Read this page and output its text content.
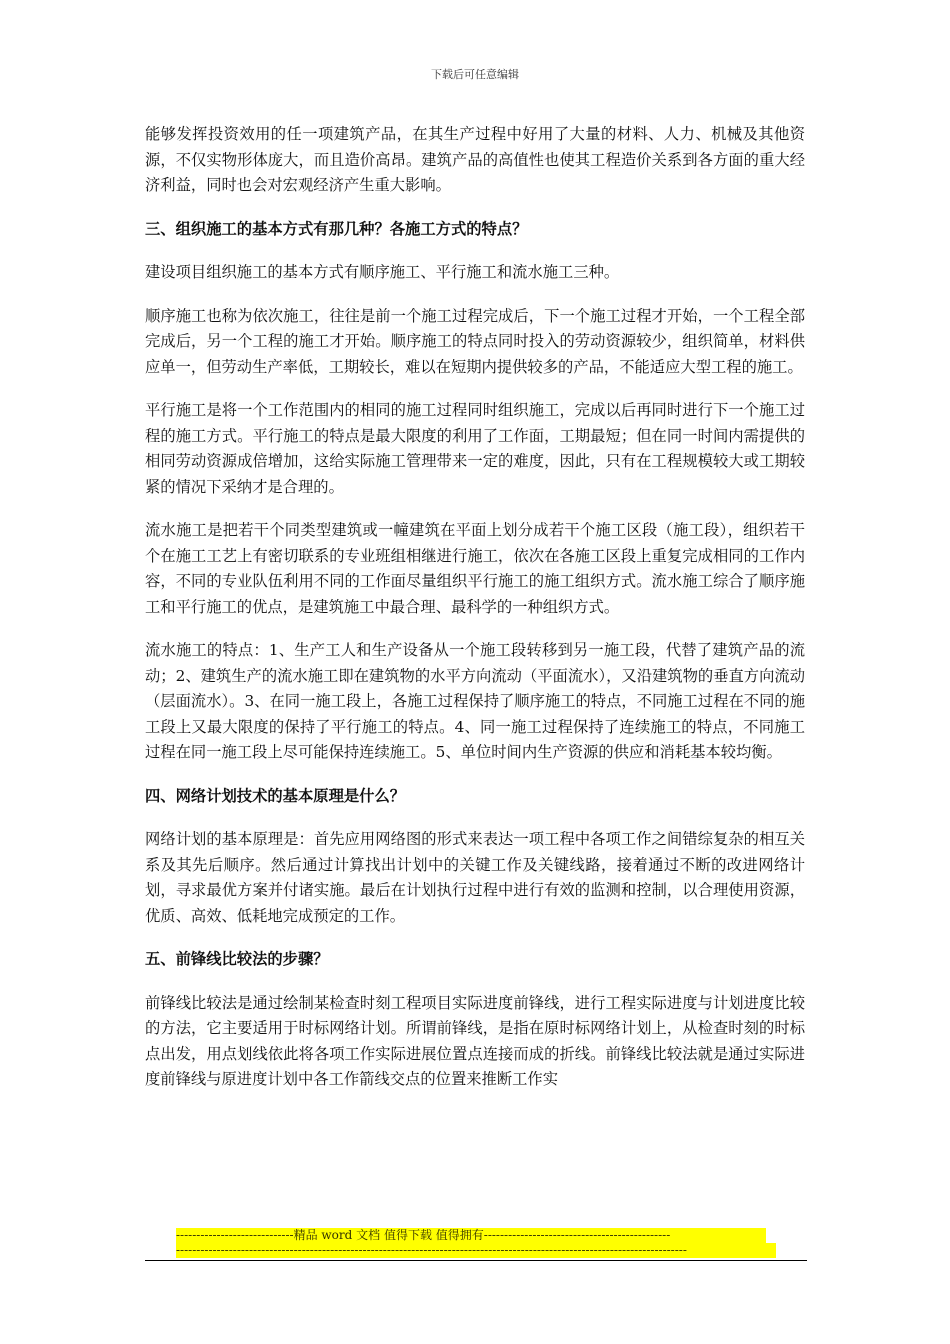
下载后可任意编辑

能够发挥投资效用的任一项建筑产品，在其生产过程中好用了大量的材料、人力、机械及其他资源，不仅实物形体庞大，而且造价高昂。建筑产品的高值性也使其工程造价关系到各方面的重大经济利益，同时也会对宏观经济产生重大影响。

三、组织施工的基本方式有那几种？各施工方式的特点？

建设项目组织施工的基本方式有顺序施工、平行施工和流水施工三种。

顺序施工也称为依次施工，往往是前一个施工过程完成后，下一个施工过程才开始，一个工程全部完成后，另一个工程的施工才开始。顺序施工的特点同时投入的劳动资源较少，组织简单，材料供应单一，但劳动生产率低，工期较长，难以在短期内提供较多的产品，不能适应大型工程的施工。

平行施工是将一个工作范围内的相同的施工过程同时组织施工，完成以后再同时进行下一个施工过程的施工方式。平行施工的特点是最大限度的利用了工作面，工期最短；但在同一时间内需提供的相同劳动资源成倍增加，这给实际施工管理带来一定的难度，因此，只有在工程规模较大或工期较紧的情况下采纳才是合理的。

流水施工是把若干个同类型建筑或一幢建筑在平面上划分成若干个施工区段（施工段），组织若干个在施工工艺上有密切联系的专业班组相继进行施工，依次在各施工区段上重复完成相同的工作内容，不同的专业队伍利用不同的工作面尽量组织平行施工的施工组织方式。流水施工综合了顺序施工和平行施工的优点，是建筑施工中最合理、最科学的一种组织方式。

流水施工的特点：1、生产工人和生产设备从一个施工段转移到另一施工段，代替了建筑产品的流动；2、建筑生产的流水施工即在建筑物的水平方向流动（平面流水），又沿建筑物的垂直方向流动（层面流水）。3、在同一施工段上，各施工过程保持了顺序施工的特点，不同施工过程在不同的施工段上又最大限度的保持了平行施工的特点。4、同一施工过程保持了连续施工的特点，不同施工过程在同一施工段上尽可能保持连续施工。5、单位时间内生产资源的供应和消耗基本较均衡。

四、网络计划技术的基本原理是什么？

网络计划的基本原理是：首先应用网络图的形式来表达一项工程中各项工作之间错综复杂的相互关系及其先后顺序。然后通过计算找出计划中的关键工作及关键线路，接着通过不断的改进网络计划，寻求最优方案并付诸实施。最后在计划执行过程中进行有效的监测和控制，以合理使用资源，优质、高效、低耗地完成预定的工作。

五、前锋线比较法的步骤？

前锋线比较法是通过绘制某检查时刻工程项目实际进度前锋线，进行工程实际进度与计划进度比较的方法，它主要适用于时标网络计划。所谓前锋线，是指在原时标网络计划上，从检查时刻的时标点出发，用点划线依此将各项工作实际进展位置点连接而成的折线。前锋线比较法就是通过实际进度前锋线与原进度计划中各工作箭线交点的位置来推断工作实

-----------------------------精品 word 文档 值得下载 值得拥有----------------------------------------------
------------------------------------------------------------------------------------------------------------------------------
